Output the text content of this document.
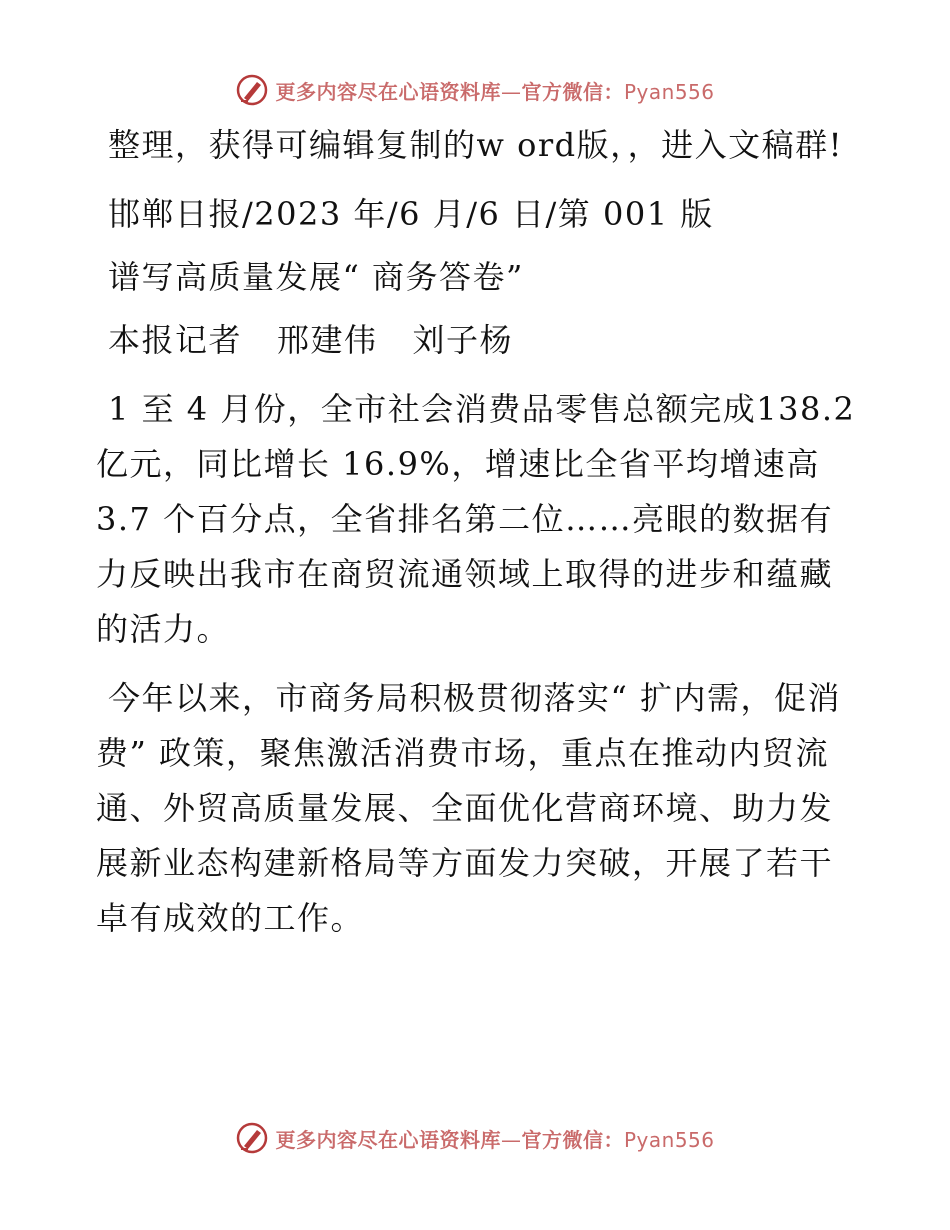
更多内容尽在心语资料库—官方微信：Pyan556

整理，获得可编辑复制的w ord版，，进入文稿群!

邯郸日报/2023 年/6 月/6 日/第 001 版

谱写高质量发展“ 商务答卷”

本报记者   邢建伟   刘子杨

1 至 4 月份，全市社会消费品零售总额完成138.2 亿元，同比增长 16.9%，增速比全省平均增速高 3.7 个百分点，全省排名第二位……亮眼的数据有力反映出我市在商贸流通领域上取得的进步和蕴藏的活力。

今年以来，市商务局积极贯彻落实“ 扩内需，促消费” 政策，聚焦激活消费市场，重点在推动内贸流通、外贸高质量发展、全面优化营商环境、助力发展新业态构建新格局等方面发力突破，开展了若干卓有成效的工作。

更多内容尽在心语资料库—官方微信：Pyan556
